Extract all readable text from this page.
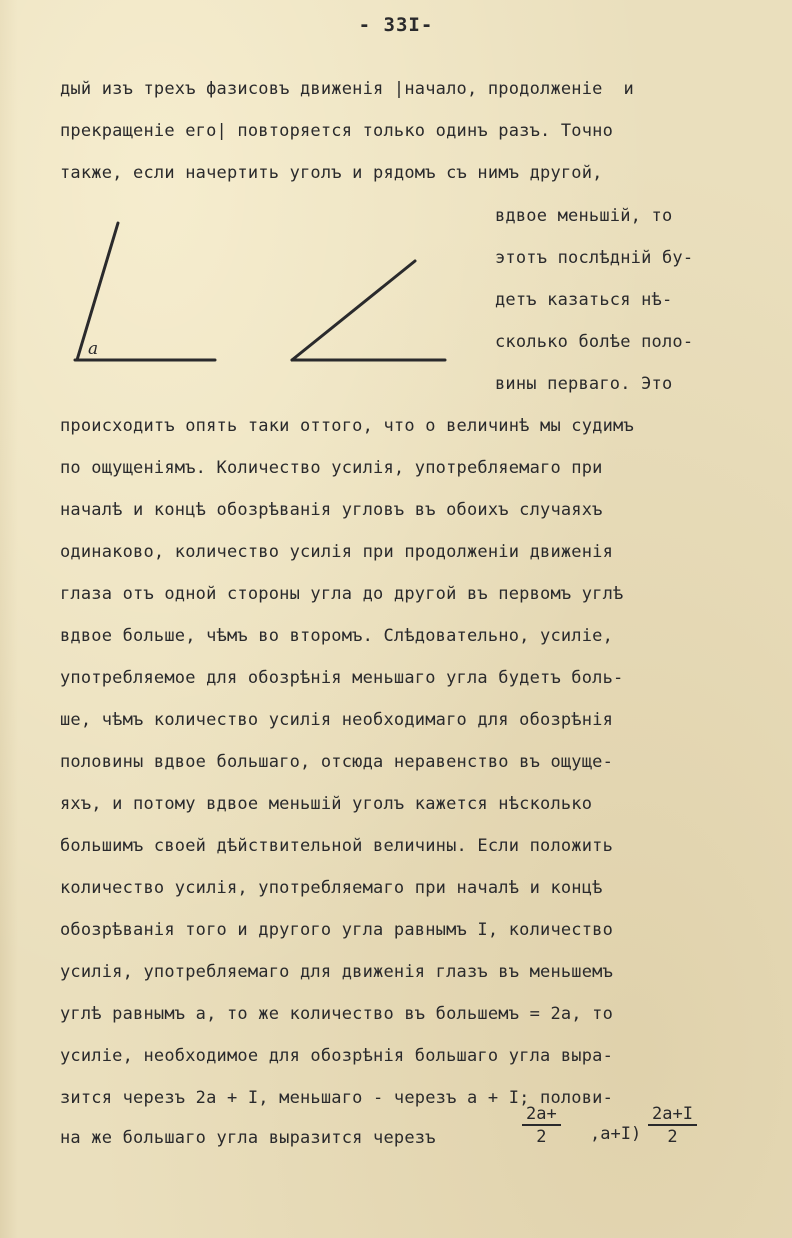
- 33I-
дый изъ трехъ фазисовъ движенія |начало, продолженіе  и
прекращеніе его| повторяется только одинъ разъ. Точно
также, если начертить уголъ и рядомъ съ нимъ другой,
вдвое меньшій, то
этотъ послѣдній бу-
детъ казаться нѣ-
сколько болѣе поло-
вины перваго. Это
а
происходитъ опять таки оттого, что о величинѣ мы судимъ
по ощущеніямъ. Количество усилія, употребляемаго при
началѣ и концѣ обозрѣванія угловъ въ обоихъ случаяхъ
одинаково, количество усилія при продолженіи движенія
глаза отъ одной стороны угла до другой въ первомъ углѣ
вдвое больше, чѣмъ во второмъ. Слѣдовательно, усиліе,
употребляемое для обозрѣнія меньшаго угла будетъ боль-
ше, чѣмъ количество усилія необходимаго для обозрѣнія
половины вдвое большаго, отсюда неравенство въ ощуще-
яхъ, и потому вдвое меньшій уголъ кажется нѣсколько
большимъ своей дѣйствительной величины. Если положить
количество усилія, употребляемаго при началѣ и концѣ
обозрѣванія того и другого угла равнымъ I, количество
усилія, употребляемаго для движенія глазъ въ меньшемъ
углѣ равнымъ а, то же количество въ большемъ = 2а, то
усиліе, необходимое для обозрѣнія большаго угла выра-
зится черезъ 2а + I, меньшаго - черезъ а + I; полови-
на же большаго угла выразится черезъ
2а+
2	,а+I)
2а+I
2
